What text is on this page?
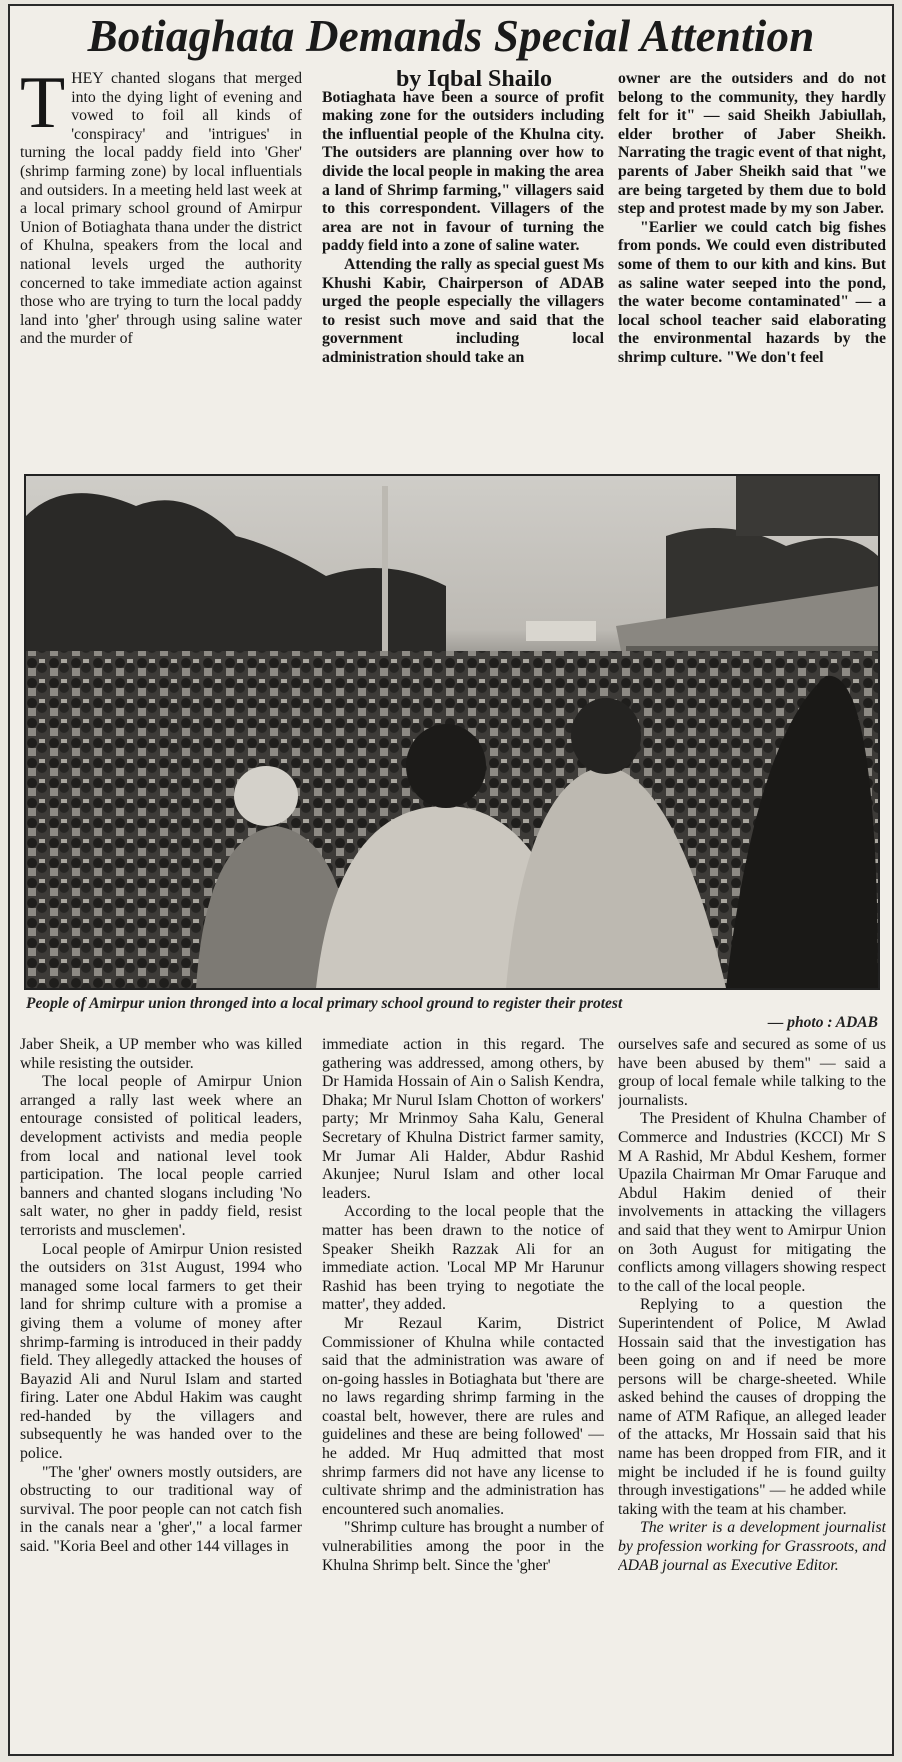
Botiaghata Demands Special Attention

THEY chanted slogans that merged into the dying light of evening and vowed to foil all kinds of 'conspiracy' and 'intrigues' in turning the local paddy field into 'Gher' (shrimp farming zone) by local influentials and outsiders. In a meeting held last week at a local primary school ground of Amirpur Union of Botiaghata thana under the district of Khulna, speakers from the local and national levels urged the authority concerned to take immediate action against those who are trying to turn the local paddy land into 'gher' through using saline water and the murder of

by Iqbal Shailo

Botiaghata have been a source of profit making zone for the outsiders including the influential people of the Khulna city. The outsiders are planning over how to divide the local people in making the area a land of Shrimp farming," villagers said to this correspondent. Villagers of the area are not in favour of turning the paddy field into a zone of saline water.

Attending the rally as special guest Ms Khushi Kabir, Chairperson of ADAB urged the people especially the villagers to resist such move and said that the government including local administration should take an

owner are the outsiders and do not belong to the community, they hardly felt for it" — said Sheikh Jabiullah, elder brother of Jaber Sheikh. Narrating the tragic event of that night, parents of Jaber Sheikh said that "we are being targeted by them due to bold step and protest made by my son Jaber.

"Earlier we could catch big fishes from ponds. We could even distributed some of them to our kith and kins. But as saline water seeped into the pond, the water become contaminated" — a local school teacher said elaborating the environmental hazards by the shrimp culture. "We don't feel

People of Amirpur union thronged into a local primary school ground to register their protest
— photo : ADAB

Jaber Sheik, a UP member who was killed while resisting the outsider.

The local people of Amirpur Union arranged a rally last week where an entourage consisted of political leaders, development activists and media people from local and national level took participation. The local people carried banners and chanted slogans including 'No salt water, no gher in paddy field, resist terrorists and musclemen'.

Local people of Amirpur Union resisted the outsiders on 31st August, 1994 who managed some local farmers to get their land for shrimp culture with a promise a giving them a volume of money after shrimp-farming is introduced in their paddy field. They allegedly attacked the houses of Bayazid Ali and Nurul Islam and started firing. Later one Abdul Hakim was caught red-handed by the villagers and subsequently he was handed over to the police.

"The 'gher' owners mostly outsiders, are obstructing to our traditional way of survival. The poor people can not catch fish in the canals near a 'gher'," a local farmer said. "Koria Beel and other 144 villages in

immediate action in this regard. The gathering was addressed, among others, by Dr Hamida Hossain of Ain o Salish Kendra, Dhaka; Mr Nurul Islam Chotton of workers' party; Mr Mrinmoy Saha Kalu, General Secretary of Khulna District farmer samity, Mr Jumar Ali Halder, Abdur Rashid Akunjee; Nurul Islam and other local leaders.

According to the local people that the matter has been drawn to the notice of Speaker Sheikh Razzak Ali for an immediate action. 'Local MP Mr Harunur Rashid has been trying to negotiate the matter', they added.

Mr Rezaul Karim, District Commissioner of Khulna while contacted said that the administration was aware of on-going hassles in Botiaghata but 'there are no laws regarding shrimp farming in the coastal belt, however, there are rules and guidelines and these are being followed' — he added. Mr Huq admitted that most shrimp farmers did not have any license to cultivate shrimp and the administration has encountered such anomalies.

"Shrimp culture has brought a number of vulnerabilities among the poor in the Khulna Shrimp belt. Since the 'gher'

ourselves safe and secured as some of us have been abused by them" — said a group of local female while talking to the journalists.

The President of Khulna Chamber of Commerce and Industries (KCCI) Mr S M A Rashid, Mr Abdul Keshem, former Upazila Chairman Mr Omar Faruque and Abdul Hakim denied of their involvements in attacking the villagers and said that they went to Amirpur Union on 3oth August for mitigating the conflicts among villagers showing respect to the call of the local people.

Replying to a question the Superintendent of Police, M Awlad Hossain said that the investigation has been going on and if need be more persons will be charge-sheeted. While asked behind the causes of dropping the name of ATM Rafique, an alleged leader of the attacks, Mr Hossain said that his name has been dropped from FIR, and it might be included if he is found guilty through investigations" — he added while taking with the team at his chamber.

The writer is a development journalist by profession working for Grassroots, and ADAB journal as Executive Editor.
